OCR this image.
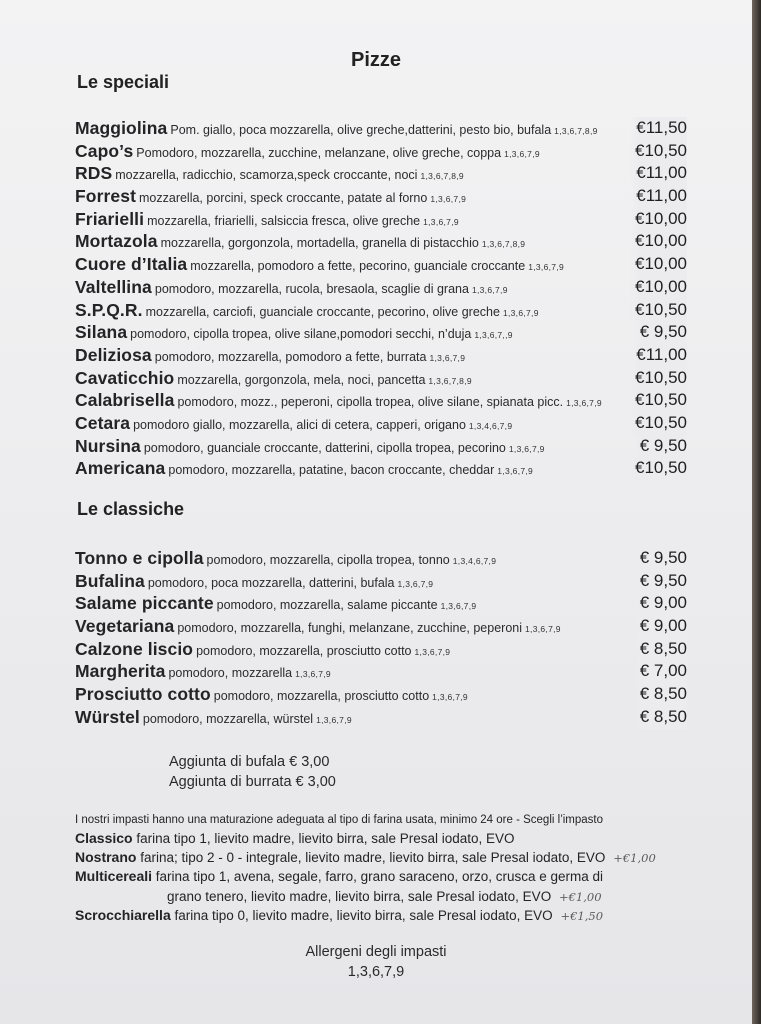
Pizze
Le speciali
Maggiolina Pom. giallo, poca mozzarella, olive greche,datterini, pesto bio, bufala 1,3,6,7,8,9	€11,50
Capo’s Pomodoro, mozzarella, zucchine, melanzane, olive greche, coppa 1,3,6,7,9	€10,50
RDS mozzarella, radicchio, scamorza,speck croccante, noci 1,3,6,7,8,9	€11,00
Forrest mozzarella, porcini, speck croccante, patate al forno 1,3,6,7,9	€11,00
Friarielli mozzarella, friarielli, salsiccia fresca, olive greche 1,3,6,7,9	€10,00
Mortazola mozzarella, gorgonzola, mortadella, granella di pistacchio 1,3,6,7,8,9	€10,00
Cuore d’Italia mozzarella, pomodoro a fette, pecorino, guanciale croccante 1,3,6,7,9	€10,00
Valtellina pomodoro, mozzarella, rucola, bresaola, scaglie di grana 1,3,6,7,9	€10,00
S.P.Q.R. mozzarella, carciofi, guanciale croccante, pecorino, olive greche 1,3,6,7,9	€10,50
Silana pomodoro, cipolla tropea, olive silane,pomodori secchi, n’duja 1,3,6,7,,9	€ 9,50
Deliziosa pomodoro, mozzarella, pomodoro a fette, burrata 1,3,6,7,9	€11,00
Cavaticchio mozzarella, gorgonzola, mela, noci, pancetta 1,3,6,7,8,9	€10,50
Calabrisella pomodoro, mozz., peperoni, cipolla tropea, olive silane, spianata picc. 1,3,6,7,9	€10,50
Cetara pomodoro giallo, mozzarella, alici di cetera, capperi, origano 1,3,4,6,7,9	€10,50
Nursina pomodoro, guanciale croccante, datterini, cipolla tropea, pecorino 1,3,6,7,9	€ 9,50
Americana pomodoro, mozzarella, patatine, bacon croccante, cheddar 1,3,6,7,9	€10,50
Le classiche
Tonno e cipolla pomodoro, mozzarella, cipolla tropea, tonno 1,3,4,6,7,9	€ 9,50
Bufalina pomodoro, poca mozzarella, datterini, bufala 1,3,6,7,9	€ 9,50
Salame piccante pomodoro, mozzarella, salame piccante 1,3,6,7,9	€ 9,00
Vegetariana pomodoro, mozzarella, funghi, melanzane, zucchine, peperoni 1,3,6,7,9	€ 9,00
Calzone liscio pomodoro, mozzarella, prosciutto cotto 1,3,6,7,9	€ 8,50
Margherita pomodoro, mozzarella 1,3,6,7,9	€ 7,00
Prosciutto cotto pomodoro, mozzarella, prosciutto cotto 1,3,6,7,9	€ 8,50
Würstel pomodoro, mozzarella, würstel 1,3,6,7,9	€ 8,50
Aggiunta di bufala € 3,00
Aggiunta di burrata € 3,00
I nostri impasti hanno una maturazione adeguata al tipo di farina usata, minimo 24 ore - Scegli l’impasto
Classico farina tipo 1, lievito madre, lievito birra, sale Presal iodato, EVO
Nostrano farina; tipo 2 - 0 - integrale, lievito madre, lievito birra, sale Presal iodato, EVO +€1,00
Multicereali farina tipo 1, avena, segale, farro, grano saraceno, orzo, crusca e germa di
grano tenero, lievito madre, lievito birra, sale Presal iodato, EVO +€1,00
Scrocchiarella farina tipo 0, lievito madre, lievito birra, sale Presal iodato, EVO +€1,50
Allergeni degli impasti
1,3,6,7,9
